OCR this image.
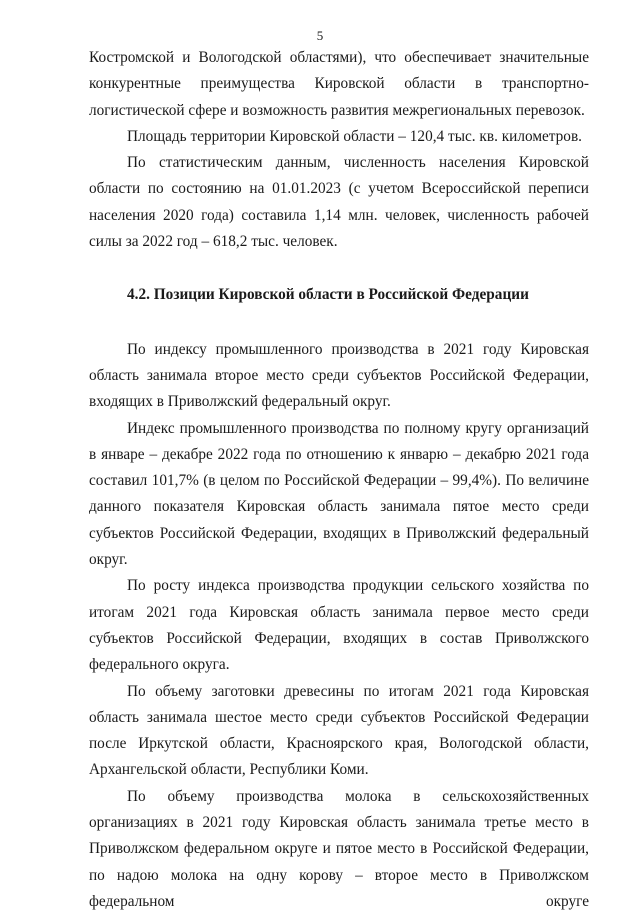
5

Костромской и Вологодской областями), что обеспечивает значительные конкурентные преимущества Кировской области в транспортно-логистической сфере и возможность развития межрегиональных перевозок.

Площадь территории Кировской области – 120,4 тыс. кв. километров.

По статистическим данным, численность населения Кировской области по состоянию на 01.01.2023 (с учетом Всероссийской переписи населения 2020 года) составила 1,14 млн. человек, численность рабочей силы за 2022 год – 618,2 тыс. человек.

4.2. Позиции Кировской области в Российской Федерации

По индексу промышленного производства в 2021 году Кировская область занимала второе место среди субъектов Российской Федерации, входящих в Приволжский федеральный округ.

Индекс промышленного производства по полному кругу организаций в январе – декабре 2022 года по отношению к январю – декабрю 2021 года составил 101,7% (в целом по Российской Федерации – 99,4%). По величине данного показателя Кировская область занимала пятое место среди субъектов Российской Федерации, входящих в Приволжский федеральный округ.

По росту индекса производства продукции сельского хозяйства по итогам 2021 года Кировская область занимала первое место среди субъектов Российской Федерации, входящих в состав Приволжского федерального округа.

По объему заготовки древесины по итогам 2021 года Кировская область занимала шестое место среди субъектов Российской Федерации после Иркутской области, Красноярского края, Вологодской области, Архангельской области, Республики Коми.

По объему производства молока в сельскохозяйственных организациях в 2021 году Кировская область занимала третье место в Приволжском федеральном округе и пятое место в Российской Федерации, по надою молока на одну корову – второе место в Приволжском федеральном округе
